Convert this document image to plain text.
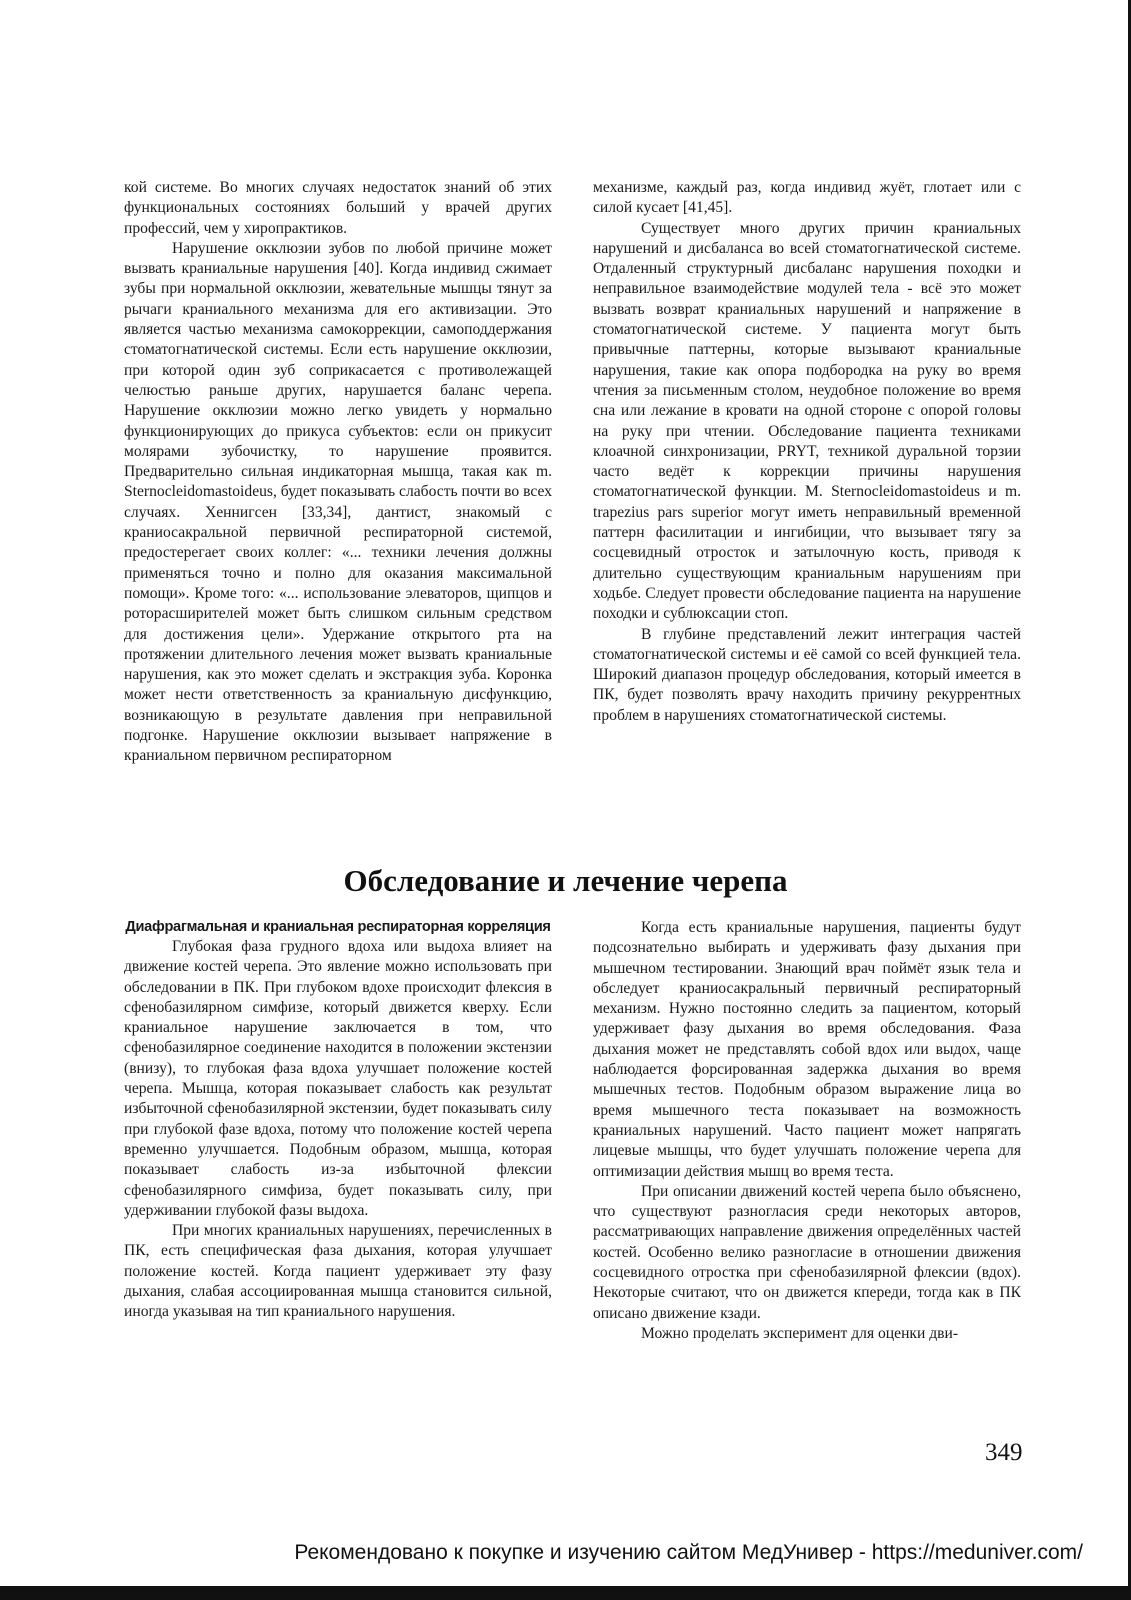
кой системе. Во многих случаях недостаток знаний об этих функциональных состояниях больший у врачей других профессий, чем у хиропрактиков.

Нарушение окклюзии зубов по любой причине может вызвать краниальные нарушения [40]. Когда индивид сжимает зубы при нормальной окклюзии, жевательные мышцы тянут за рычаги краниального механизма для его активизации. Это является частью механизма самокоррекции, самоподдержания стоматогнатической системы. Если есть нарушение окклюзии, при которой один зуб соприкасается с противолежащей челюстью раньше других, нарушается баланс черепа. Нарушение окклюзии можно легко увидеть у нормально функционирующих до прикуса субъектов: если он прикусит молярами зубочистку, то нарушение проявится. Предварительно сильная индикаторная мышца, такая как m. Sternocleidomastoideus, будет показывать слабость почти во всех случаях. Хеннигсен [33,34], дантист, знакомый с краниосакральной первичной респираторной системой, предостерегает своих коллег: «... техники лечения должны применяться точно и полно для оказания максимальной помощи». Кроме того: «... использование элеваторов, щипцов и роторасширителей может быть слишком сильным средством для достижения цели». Удержание открытого рта на протяжении длительного лечения может вызвать краниальные нарушения, как это может сделать и экстракция зуба. Коронка может нести ответственность за краниальную дисфункцию, возникающую в результате давления при неправильной подгонке. Нарушение окклюзии вызывает напряжение в краниальном первичном респираторном

механизме, каждый раз, когда индивид жуёт, глотает или с силой кусает [41,45].

Существует много других причин краниальных нарушений и дисбаланса во всей стоматогнатической системе. Отдаленный структурный дисбаланс нарушения походки и неправильное взаимодействие модулей тела - всё это может вызвать возврат краниальных нарушений и напряжение в стоматогнатической системе. У пациента могут быть привычные паттерны, которые вызывают краниальные нарушения, такие как опора подбородка на руку во время чтения за письменным столом, неудобное положение во время сна или лежание в кровати на одной стороне с опорой головы на руку при чтении. Обследование пациента техниками клоачной синхронизации, PRYT, техникой дуральной торзии часто ведёт к коррекции причины нарушения стоматогнатической функции. M. Sternocleidomastoideus и m. trapezius pars superior могут иметь неправильный временной паттерн фасилитации и ингибиции, что вызывает тягу за сосцевидный отросток и затылочную кость, приводя к длительно существующим краниальным нарушениям при ходьбе. Следует провести обследование пациента на нарушение походки и сублюксации стоп.

В глубине представлений лежит интеграция частей стоматогнатической системы и её самой со всей функцией тела. Широкий диапазон процедур обследования, который имеется в ПК, будет позволять врачу находить причину рекуррентных проблем в нарушениях стоматогнатической системы.

Обследование и лечение черепа
Диафрагмальная и краниальная респираторная корреляция

Глубокая фаза грудного вдоха или выдоха влияет на движение костей черепа. Это явление можно использовать при обследовании в ПК. При глубоком вдохе происходит флексия в сфенобазилярном симфизе, который движется кверху. Если краниальное нарушение заключается в том, что сфенобазилярное соединение находится в положении экстензии (внизу), то глубокая фаза вдоха улучшает положение костей черепа. Мышца, которая показывает слабость как результат избыточной сфенобазилярной экстензии, будет показывать силу при глубокой фазе вдоха, потому что положение костей черепа временно улучшается. Подобным образом, мышца, которая показывает слабость из-за избыточной флексии сфенобазилярного симфиза, будет показывать силу, при удерживании глубокой фазы выдоха.

При многих краниальных нарушениях, перечисленных в ПК, есть специфическая фаза дыхания, которая улучшает положение костей. Когда пациент удерживает эту фазу дыхания, слабая ассоциированная мышца становится сильной, иногда указывая на тип краниального нарушения.

Когда есть краниальные нарушения, пациенты будут подсознательно выбирать и удерживать фазу дыхания при мышечном тестировании. Знающий врач поймёт язык тела и обследует краниосакральный первичный респираторный механизм. Нужно постоянно следить за пациентом, который удерживает фазу дыхания во время обследования. Фаза дыхания может не представлять собой вдох или выдох, чаще наблюдается форсированная задержка дыхания во время мышечных тестов. Подобным образом выражение лица во время мышечного теста показывает на возможность краниальных нарушений. Часто пациент может напрягать лицевые мышцы, что будет улучшать положение черепа для оптимизации действия мышц во время теста.

При описании движений костей черепа было объяснено, что существуют разногласия среди некоторых авторов, рассматривающих направление движения определённых частей костей. Особенно велико разногласие в отношении движения сосцевидного отростка при сфенобазилярной флексии (вдох). Некоторые считают, что он движется кпереди, тогда как в ПК описано движение кзади.

Можно проделать эксперимент для оценки дви-

349
Рекомендовано к покупке и изучению сайтом МедУнивер - https://meduniver.com/
